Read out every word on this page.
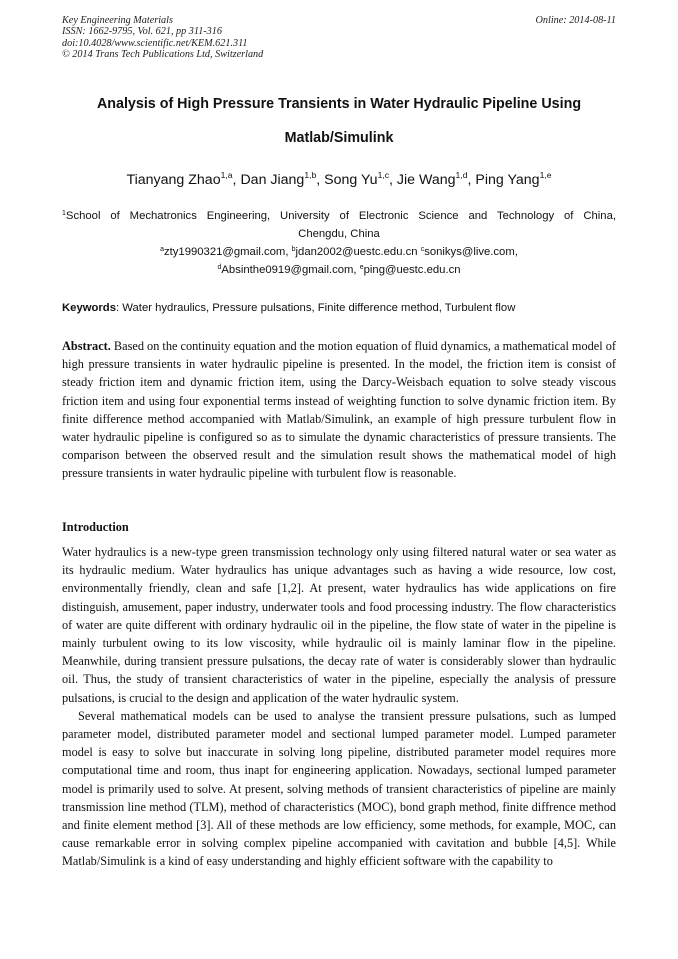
Key Engineering Materials
ISSN: 1662-9795, Vol. 621, pp 311-316
doi:10.4028/www.scientific.net/KEM.621.311
© 2014 Trans Tech Publications Ltd, Switzerland
Online: 2014-08-11
Analysis of High Pressure Transients in Water Hydraulic Pipeline Using
Matlab/Simulink
Tianyang Zhao$^{1,a}$, Dan Jiang$^{1,b}$, Song Yu$^{1,c}$, Jie Wang$^{1,d}$, Ping Yang$^{1,e}$
$^1$School of Mechatronics Engineering, University of Electronic Science and Technology of China,
Chengdu, China
$^a$zty1990321@gmail.com, $^b$jdan2002@uestc.edu.cn $^c$sonikys@live.com,
$^d$Absinthe0919@gmail.com, $^e$ping@uestc.edu.cn
Keywords: Water hydraulics, Pressure pulsations, Finite difference method, Turbulent flow
Abstract. Based on the continuity equation and the motion equation of fluid dynamics, a mathematical model of high pressure transients in water hydraulic pipeline is presented. In the model, the friction item is consist of steady friction item and dynamic friction item, using the Darcy-Weisbach equation to solve steady viscous friction item and using four exponential terms instead of weighting function to solve dynamic friction item. By finite difference method accompanied with Matlab/Simulink, an example of high pressure turbulent flow in water hydraulic pipeline is configured so as to simulate the dynamic characteristics of pressure transients. The comparison between the observed result and the simulation result shows the mathematical model of high pressure transients in water hydraulic pipeline with turbulent flow is reasonable.
Introduction

Water hydraulics is a new-type green transmission technology only using filtered natural water or sea water as its hydraulic medium. Water hydraulics has unique advantages such as having a wide resource, low cost, environmentally friendly, clean and safe [1,2]. At present, water hydraulics has wide applications on fire distinguish, amusement, paper industry, underwater tools and food processing industry. The flow characteristics of water are quite different with ordinary hydraulic oil in the pipeline, the flow state of water in the pipeline is mainly turbulent owing to its low viscosity, while hydraulic oil is mainly laminar flow in the pipeline. Meanwhile, during transient pressure pulsations, the decay rate of water is considerably slower than hydraulic oil. Thus, the study of transient characteristics of water in the pipeline, especially the analysis of pressure pulsations, is crucial to the design and application of the water hydraulic system.

Several mathematical models can be used to analyse the transient pressure pulsations, such as lumped parameter model, distributed parameter model and sectional lumped parameter model. Lumped parameter model is easy to solve but inaccurate in solving long pipeline, distributed parameter model requires more computational time and room, thus inapt for engineering application. Nowadays, sectional lumped parameter model is primarily used to solve. At present, solving methods of transient characteristics of pipeline are mainly transmission line method (TLM), method of characteristics (MOC), bond graph method, finite diffrence method and finite element method [3]. All of these methods are low efficiency, some methods, for example, MOC, can cause remarkable error in solving complex pipeline accompanied with cavitation and bubble [4,5]. While Matlab/Simulink is a kind of easy understanding and highly efficient software with the capability to
